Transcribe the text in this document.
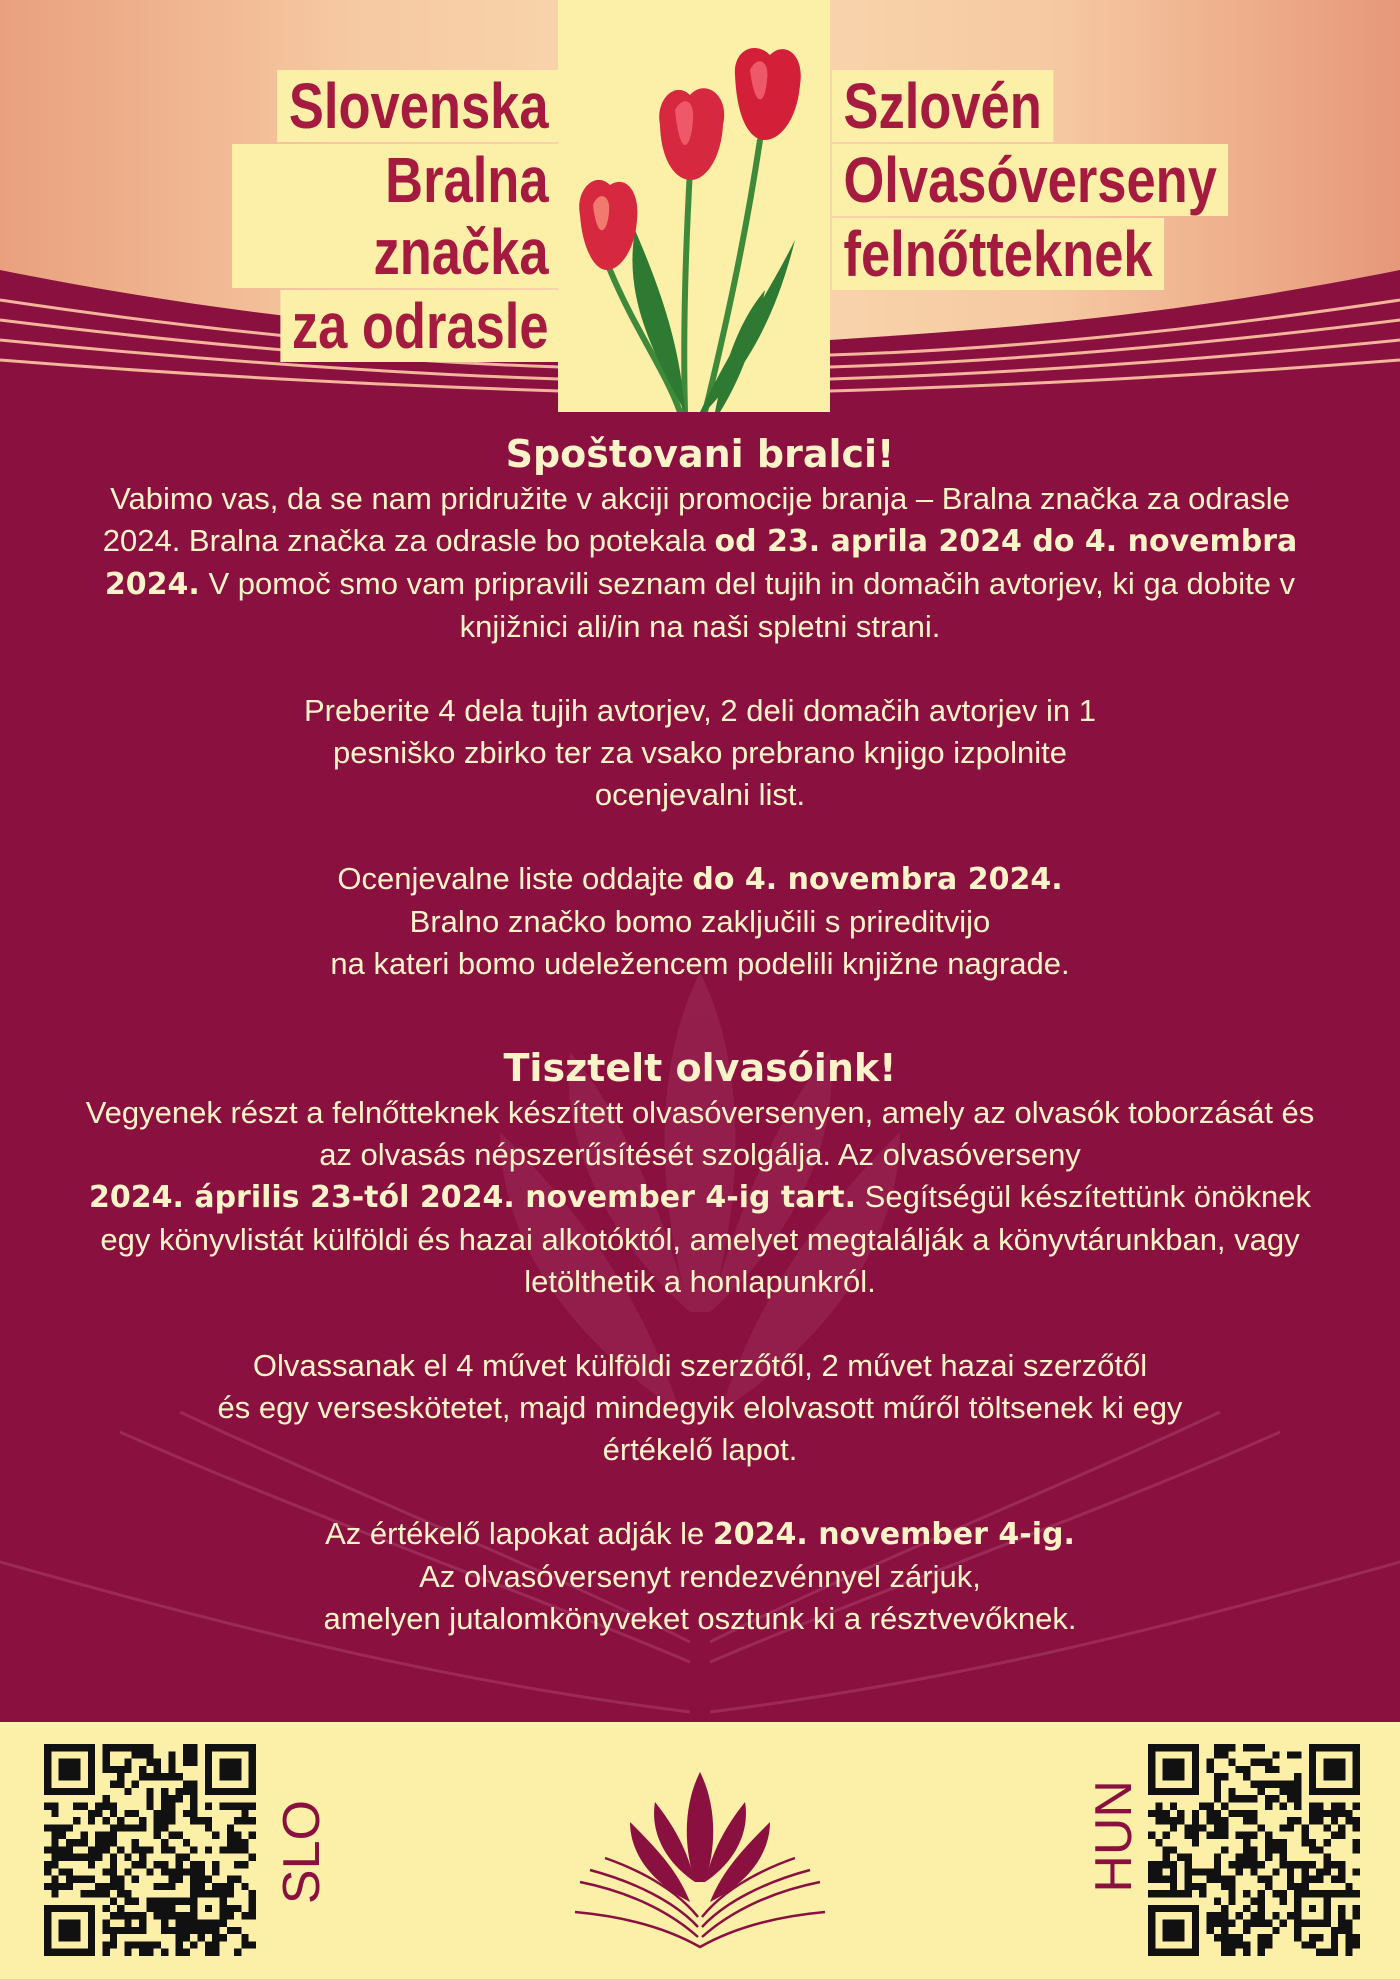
Slovenska
Bralna značka
za odrasle
Szlovén
Olvasóverseny
felnőtteknek
Spoštovani bralci!

Vabimo vas, da se nam pridružite v akciji promocije branja – Bralna značka za odrasle 2024. Bralna značka za odrasle bo potekala od 23. aprila 2024 do 4. novembra 2024. V pomoč smo vam pripravili seznam del tujih in domačih avtorjev, ki ga dobite v knjižnici ali/in na naši spletni strani.

Preberite 4 dela tujih avtorjev, 2 deli domačih avtorjev in 1 pesniško zbirko ter za vsako prebrano knjigo izpolnite ocenjevalni list.

Ocenjevalne liste oddajte do 4. novembra 2024.
Bralno značko bomo zaključili s prireditvijo
na kateri bomo udeležencem podelili knjižne nagrade.

Tisztelt olvasóink!

Vegyenek részt a felnőtteknek készített olvasóversenyen, amely az olvasók toborzását és az olvasás népszerűsítését szolgálja. Az olvasóverseny
2024. április 23-tól 2024. november 4-ig tart. Segítségül készítettünk önöknek egy könyvlistát külföldi és hazai alkotóktól, amelyet megtalálják a könyvtárunkban, vagy letölthetik a honlapunkról.

Olvassanak el 4 művet külföldi szerzőtől, 2 művet hazai szerzőtől
és egy verseskötetet, majd mindegyik elolvasott műről töltsenek ki egy
értékelő lapot.

Az értékelő lapokat adják le 2024. november 4-ig.
Az olvasóversenyt rendezvénnyel zárjuk,
amelyen jutalomkönyveket osztunk ki a résztvevőknek.

SLO	HUN
